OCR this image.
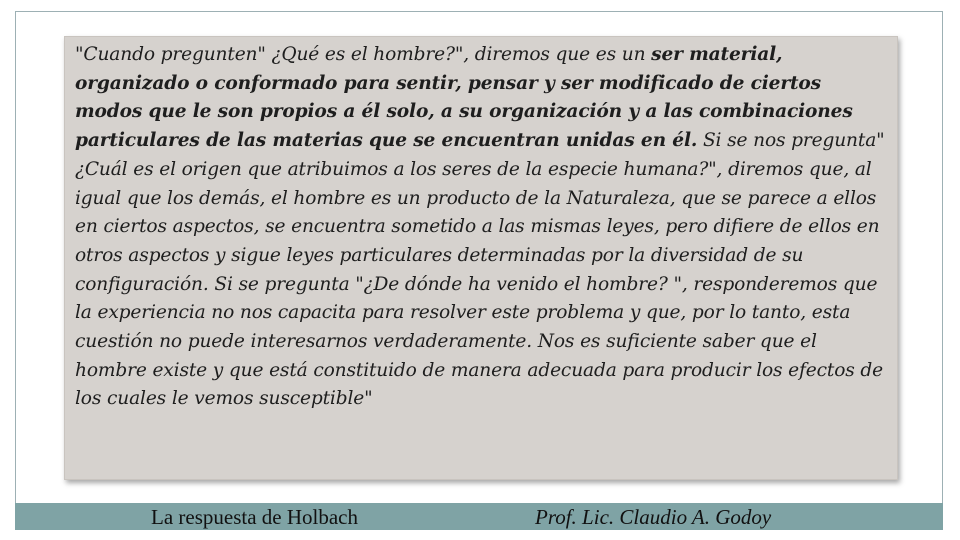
"Cuando pregunten" ¿Qué es el hombre?", diremos que es un ser material, organizado o conformado para sentir, pensar y ser modificado de ciertos modos que le son propios a él solo, a su organización y a las combinaciones particulares de las materias que se encuentran unidas en él. Si se nos pregunta" ¿Cuál es el origen que atribuimos a los seres de la especie humana?", diremos que, al igual que los demás, el hombre es un producto de la Naturaleza, que se parece a ellos en ciertos aspectos, se encuentra sometido a las mismas leyes, pero difiere de ellos en otros aspectos y sigue leyes particulares determinadas por la diversidad de su configuración. Si se pregunta "¿De dónde ha venido el hombre? ", responderemos que la experiencia no nos capacita para resolver este problema y que, por lo tanto, esta cuestión no puede interesarnos verdaderamente. Nos es suficiente saber que el hombre existe y que está constituido de manera adecuada para producir los efectos de los cuales le vemos susceptible"

La respuesta de Holbach	Prof. Lic. Claudio A. Godoy
